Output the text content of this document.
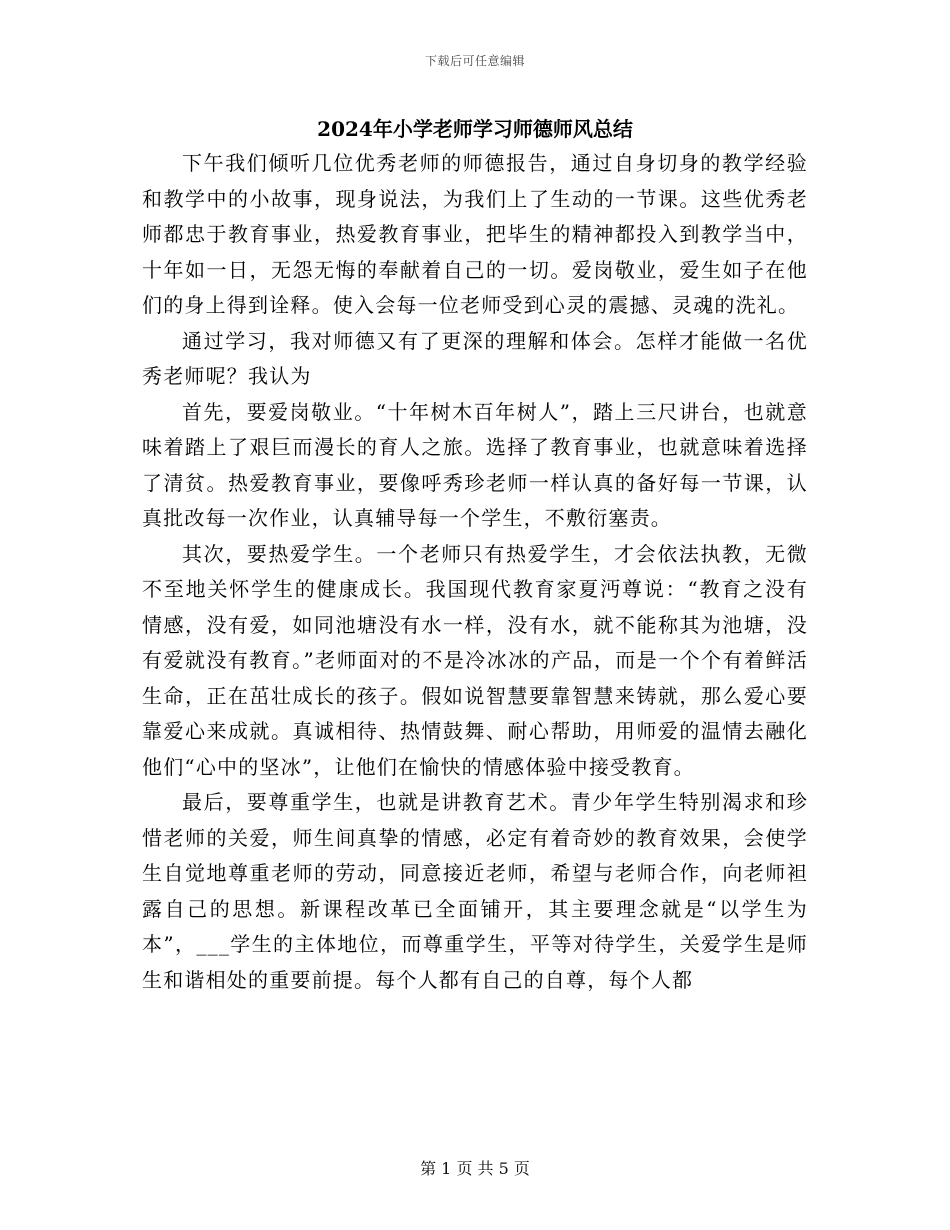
下载后可任意编辑
2024年小学老师学习师德师风总结

下午我们倾听几位优秀老师的师德报告，通过自身切身的教学经验和教学中的小故事，现身说法，为我们上了生动的一节课。这些优秀老师都忠于教育事业，热爱教育事业，把毕生的精神都投入到教学当中，十年如一日，无怨无悔的奉献着自己的一切。爱岗敬业，爱生如子在他们的身上得到诠释。使入会每一位老师受到心灵的震撼、灵魂的洗礼。

通过学习，我对师德又有了更深的理解和体会。怎样才能做一名优秀老师呢？我认为

首先，要爱岗敬业。“十年树木百年树人”，踏上三尺讲台，也就意味着踏上了艰巨而漫长的育人之旅。选择了教育事业，也就意味着选择了清贫。热爱教育事业，要像呼秀珍老师一样认真的备好每一节课，认真批改每一次作业，认真辅导每一个学生，不敷衍塞责。

其次，要热爱学生。一个老师只有热爱学生，才会依法执教，无微不至地关怀学生的健康成长。我国现代教育家夏沔尊说：“教育之没有情感，没有爱，如同池塘没有水一样，没有水，就不能称其为池塘，没有爱就没有教育。”老师面对的不是冷冰冰的产品，而是一个个有着鲜活生命，正在茁壮成长的孩子。假如说智慧要靠智慧来铸就，那么爱心要靠爱心来成就。真诚相待、热情鼓舞、耐心帮助，用师爱的温情去融化他们“心中的坚冰”，让他们在愉快的情感体验中接受教育。

最后，要尊重学生，也就是讲教育艺术。青少年学生特别渴求和珍惜老师的关爱，师生间真挚的情感，必定有着奇妙的教育效果，会使学生自觉地尊重老师的劳动，同意接近老师，希望与老师合作，向老师袒露自己的思想。新课程改革已全面铺开，其主要理念就是“以学生为本”，___学生的主体地位，而尊重学生，平等对待学生，关爱学生是师生和谐相处的重要前提。每个人都有自己的自尊，每个人都

第 1 页 共 5 页
